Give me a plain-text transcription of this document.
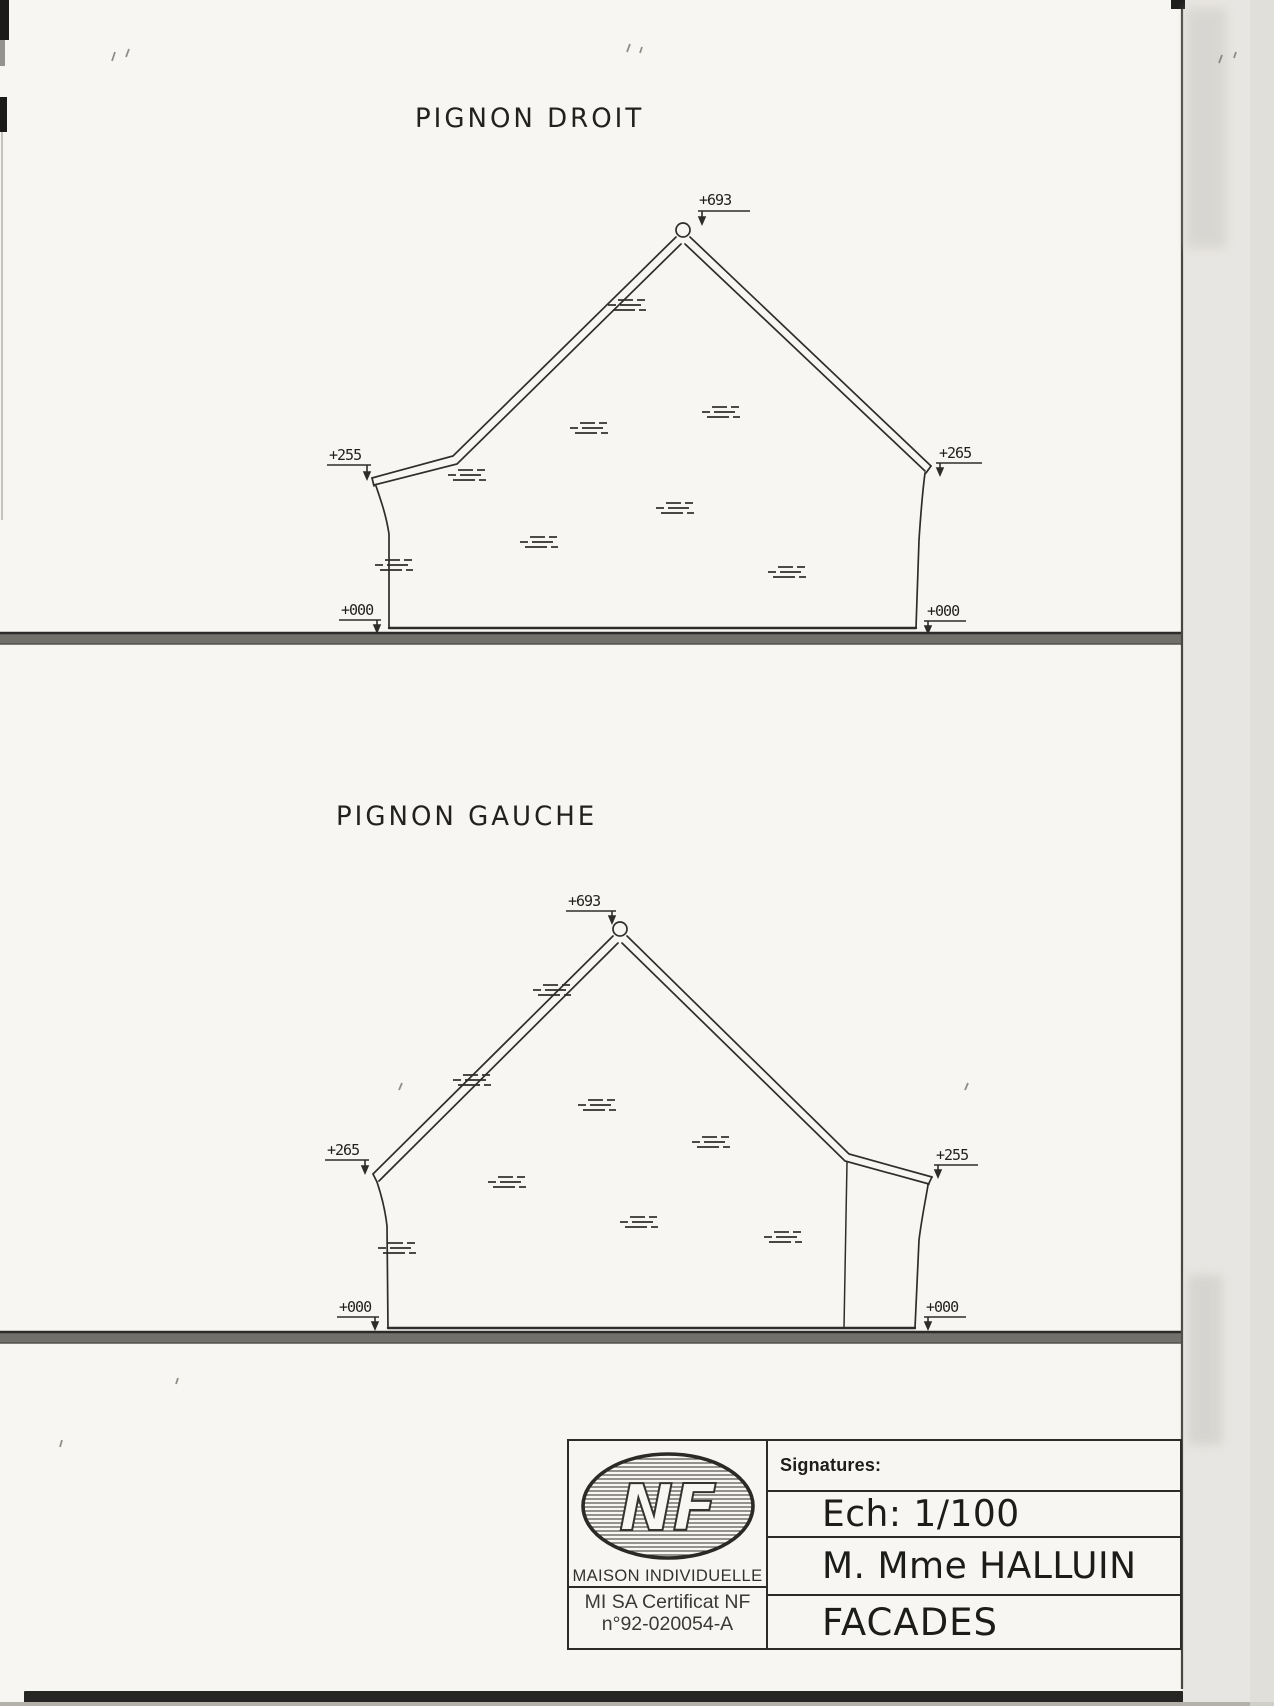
PIGNON DROIT
PIGNON GAUCHE
+693
+255	+265
+000	+000
+693
+265	+255
+000	+000
NF
MAISON INDIVIDUELLE
MI SA Certificat NF
n°92-020054-A
Signatures:
Ech: 1/100
M. Mme HALLUIN
FACADES
